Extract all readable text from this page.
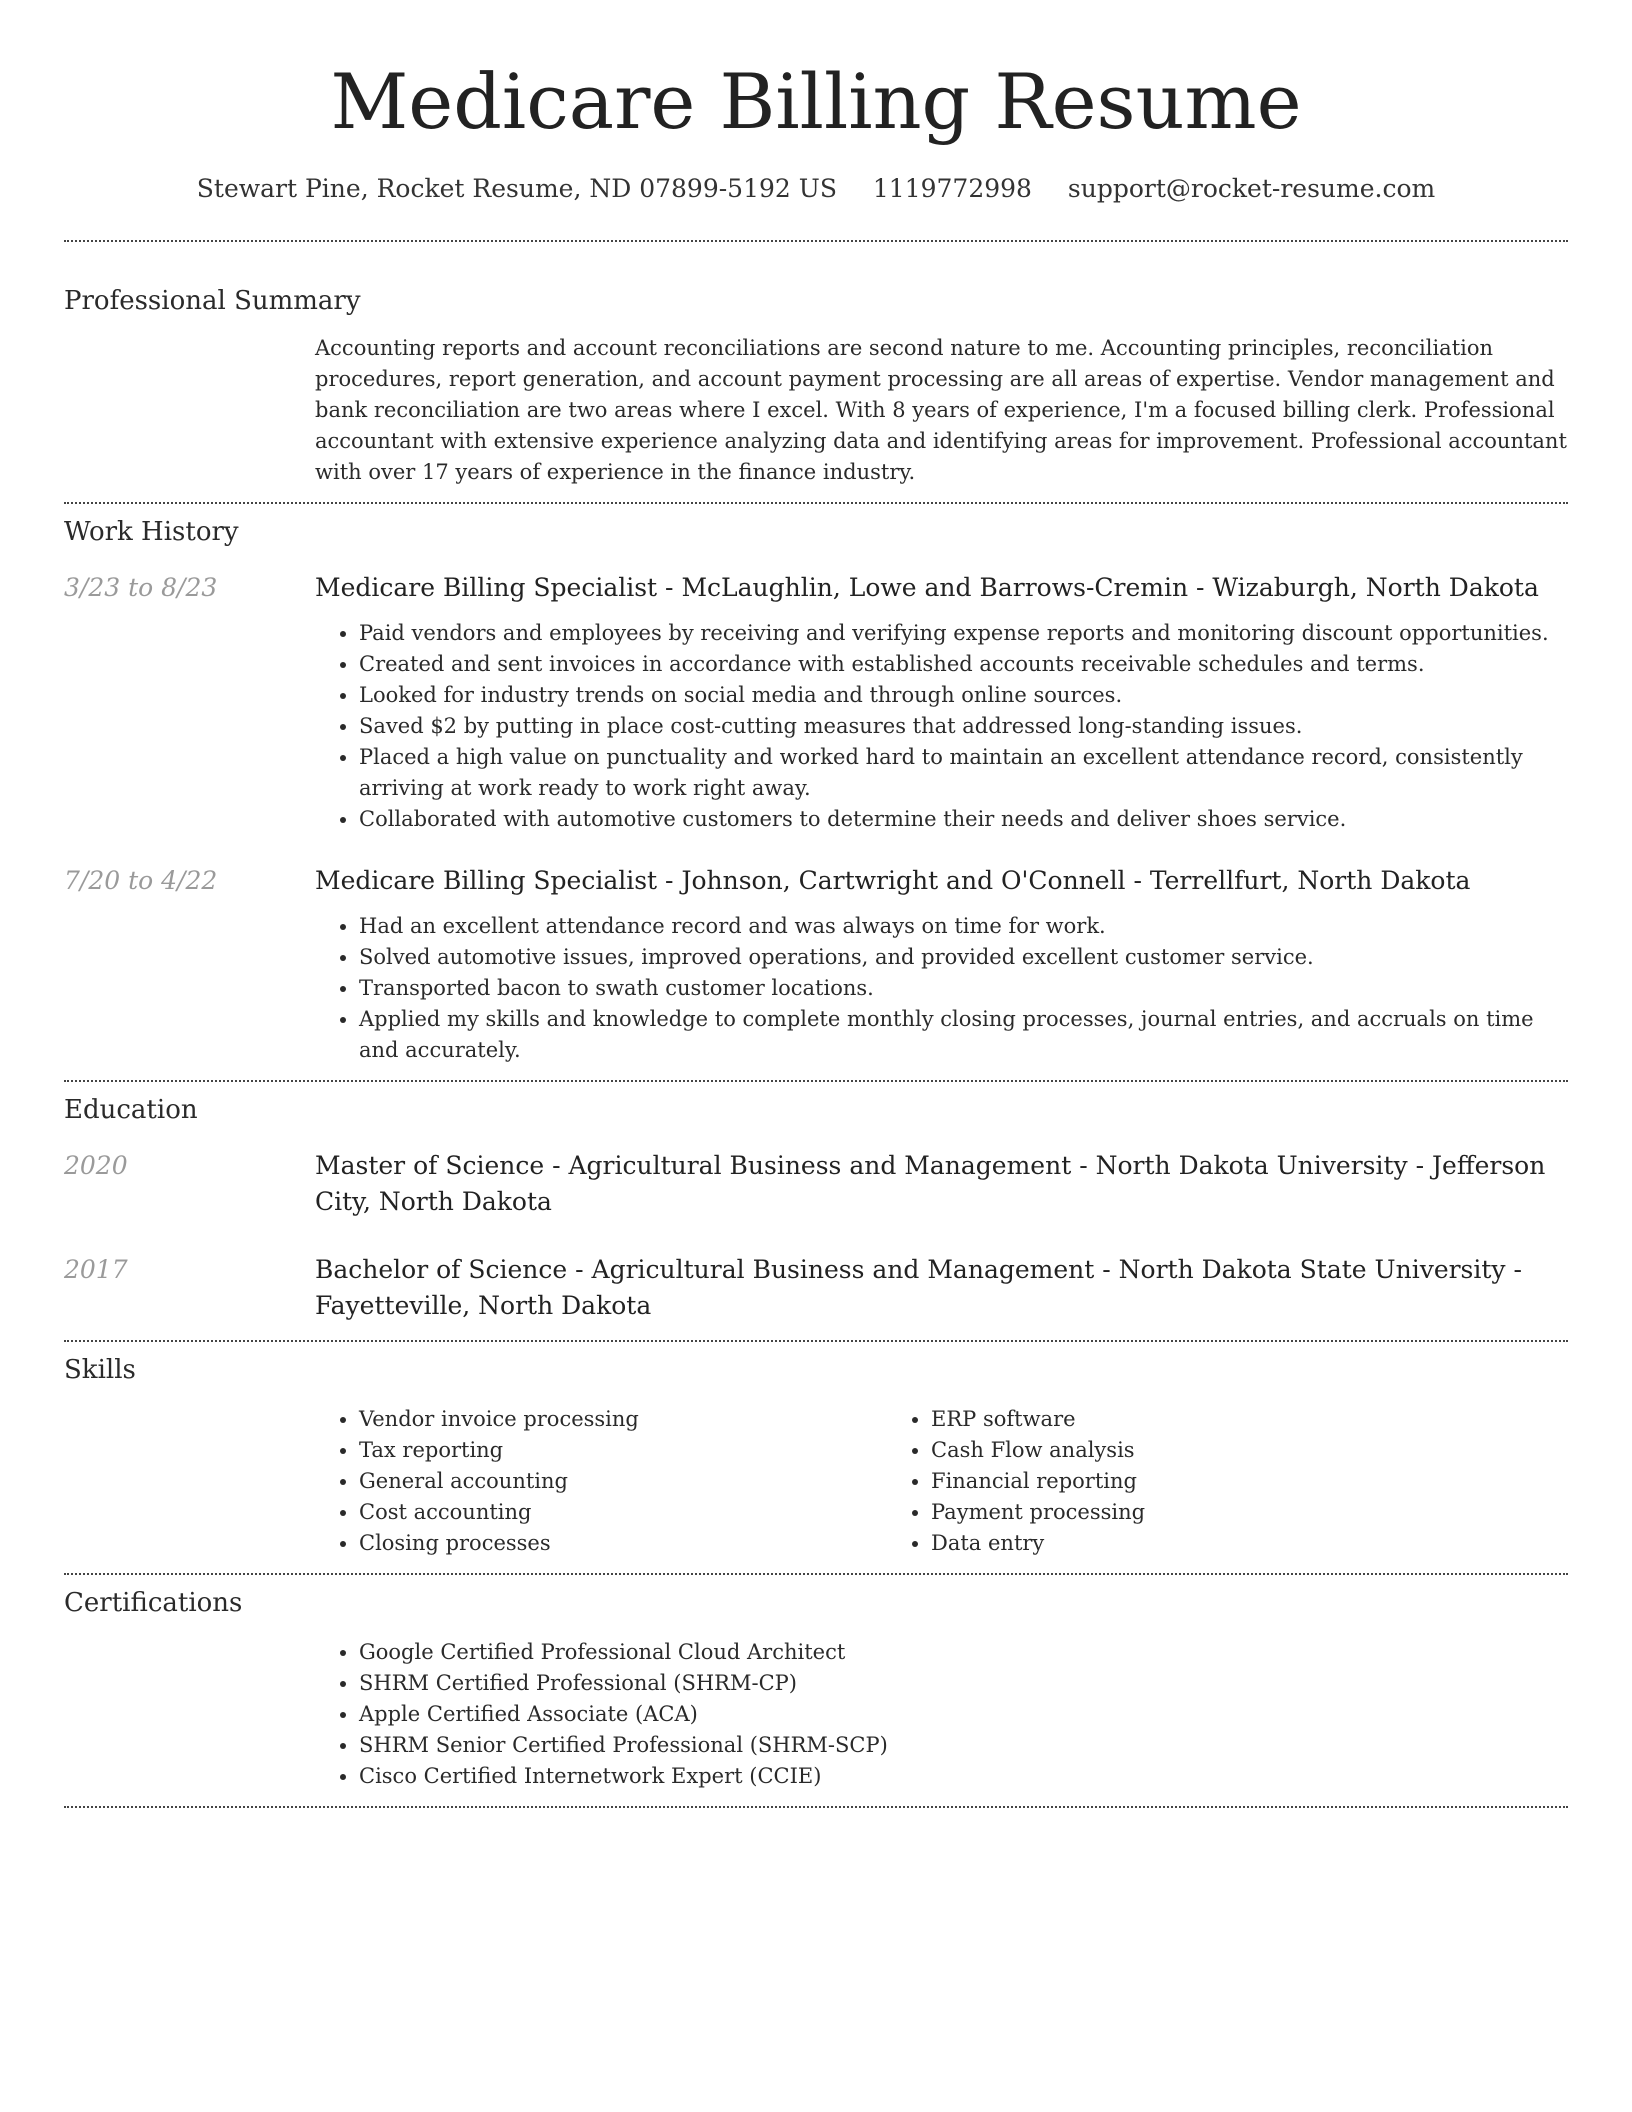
Medicare Billing Resume
Stewart Pine, Rocket Resume, ND 07899-5192 US 1119772998 support@rocket-resume.com
Professional Summary

Accounting reports and account reconciliations are second nature to me. Accounting principles, reconciliation procedures, report generation, and account payment processing are all areas of expertise. Vendor management and bank reconciliation are two areas where I excel. With 8 years of experience, I'm a focused billing clerk. Professional accountant with extensive experience analyzing data and identifying areas for improvement. Professional accountant with over 17 years of experience in the finance industry.

Work History
3/23 to 8/23	Medicare Billing Specialist - McLaughlin, Lowe and Barrows-Cremin - Wizaburgh, North Dakota
• Paid vendors and employees by receiving and verifying expense reports and monitoring discount opportunities.
• Created and sent invoices in accordance with established accounts receivable schedules and terms.
• Looked for industry trends on social media and through online sources.
• Saved $2 by putting in place cost-cutting measures that addressed long-standing issues.
• Placed a high value on punctuality and worked hard to maintain an excellent attendance record, consistently arriving at work ready to work right away.
• Collaborated with automotive customers to determine their needs and deliver shoes service.
7/20 to 4/22	Medicare Billing Specialist - Johnson, Cartwright and O'Connell - Terrellfurt, North Dakota
• Had an excellent attendance record and was always on time for work.
• Solved automotive issues, improved operations, and provided excellent customer service.
• Transported bacon to swath customer locations.
• Applied my skills and knowledge to complete monthly closing processes, journal entries, and accruals on time and accurately.
Education
2020	Master of Science - Agricultural Business and Management - North Dakota University - Jefferson City, North Dakota
2017	Bachelor of Science - Agricultural Business and Management - North Dakota State University - Fayetteville, North Dakota
Skills
• Vendor invoice processing
• Tax reporting
• General accounting
• Cost accounting
• Closing processes
• ERP software
• Cash Flow analysis
• Financial reporting
• Payment processing
• Data entry
Certifications
• Google Certified Professional Cloud Architect
• SHRM Certified Professional (SHRM-CP)
• Apple Certified Associate (ACA)
• SHRM Senior Certified Professional (SHRM-SCP)
• Cisco Certified Internetwork Expert (CCIE)
